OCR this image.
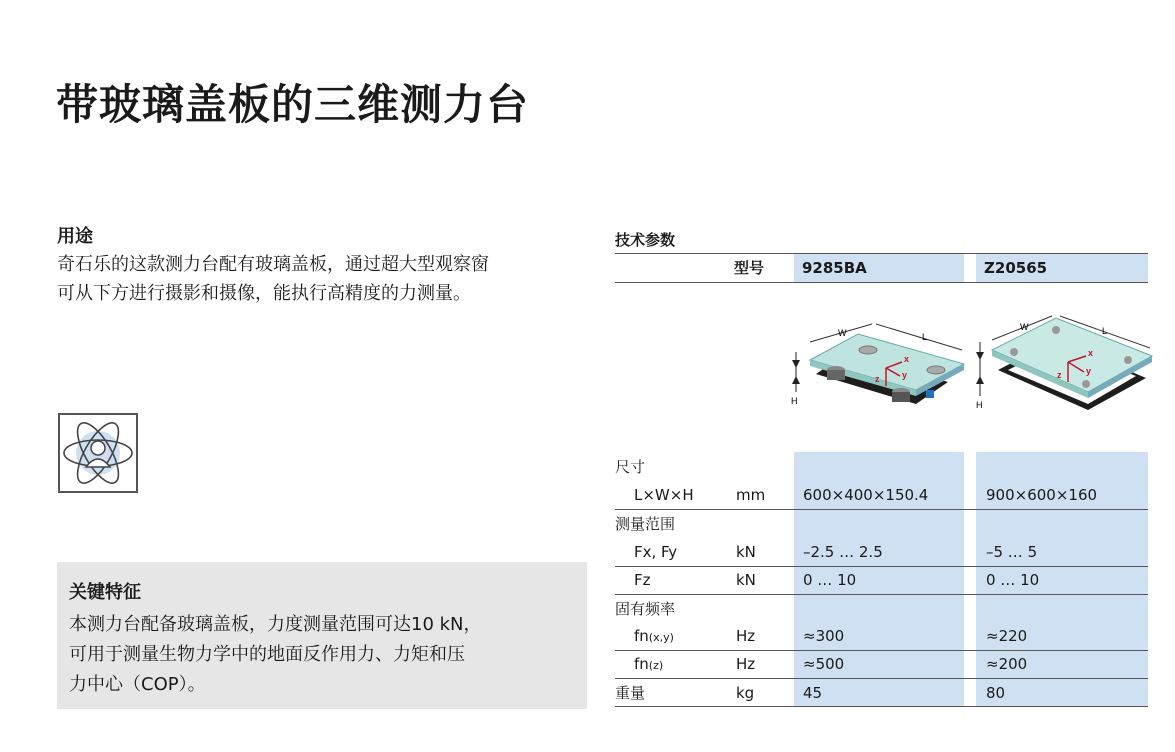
带玻璃盖板的三维测力台
用途
奇石乐的这款测力台配有玻璃盖板，通过超大型观察窗
可从下方进行摄影和摄像，能执行高精度的力测量。
关键特征

本测力台配备玻璃盖板，力度测量范围可达10 kN，

可用于测量生物力学中的地面反作用力、力矩和压

力中心（COP）。

技术参数
型号	9285BA	Z20565
H
W	L
x
y
z
H
W	L
x
y
z
尺寸
L×W×H	mm	600×400×150.4	900×600×160
测量范围
Fx, Fy	kN	–2.5 … 2.5	–5 … 5
Fz	kN	0 … 10	0 … 10
固有频率
fn(x,y)	Hz	≈300	≈220
fn(z)	Hz	≈500	≈200
重量	kg	45	80
